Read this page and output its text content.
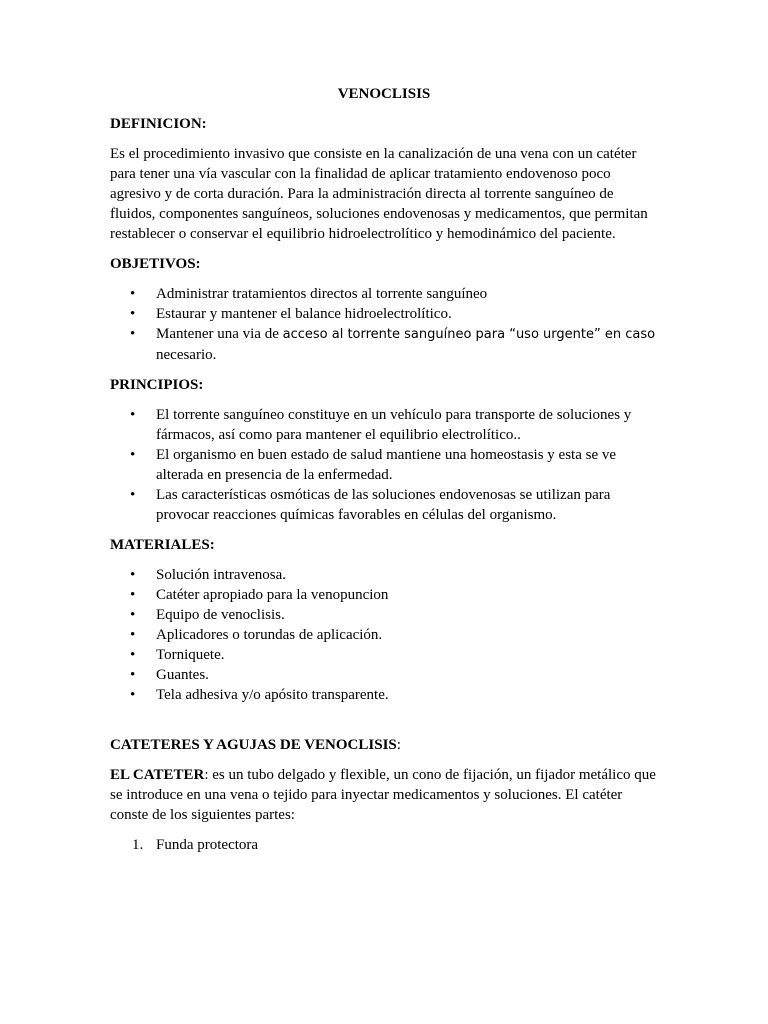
VENOCLISIS

DEFINICION:

Es el procedimiento invasivo que consiste en la canalización de una vena con un catéter para tener una vía vascular con la finalidad de aplicar tratamiento endovenoso poco agresivo y de corta duración. Para la administración directa al torrente sanguíneo de fluidos, componentes sanguíneos, soluciones endovenosas y medicamentos, que permitan restablecer o conservar el equilibrio hidroelectrolítico y hemodinámico del paciente.

OBJETIVOS:

• Administrar tratamientos directos al torrente sanguíneo
• Estaurar y mantener el balance hidroelectrolítico.
• Mantener una via de acceso al torrente sanguíneo para “uso urgente” en caso
necesario.

PRINCIPIOS:

• El torrente sanguíneo constituye en un vehículo para transporte de soluciones y fármacos, así como para mantener el equilibrio electrolítico..
• El organismo en buen estado de salud mantiene una homeostasis y esta se ve alterada en presencia de la enfermedad.
• Las características osmóticas de las soluciones endovenosas se utilizan para provocar reacciones químicas favorables en células del organismo.

MATERIALES:

• Solución intravenosa.
• Catéter apropiado para la venopuncion
• Equipo de venoclisis.
• Aplicadores o torundas de aplicación.
• Torniquete.
• Guantes.
• Tela adhesiva y/o apósito transparente.

CATETERES Y AGUJAS DE VENOCLISIS:

EL CATETER: es un tubo delgado y flexible, un cono de fijación, un fijador metálico que se introduce en una vena o tejido para inyectar medicamentos y soluciones. El catéter conste de los siguientes partes:

1. Funda protectora
